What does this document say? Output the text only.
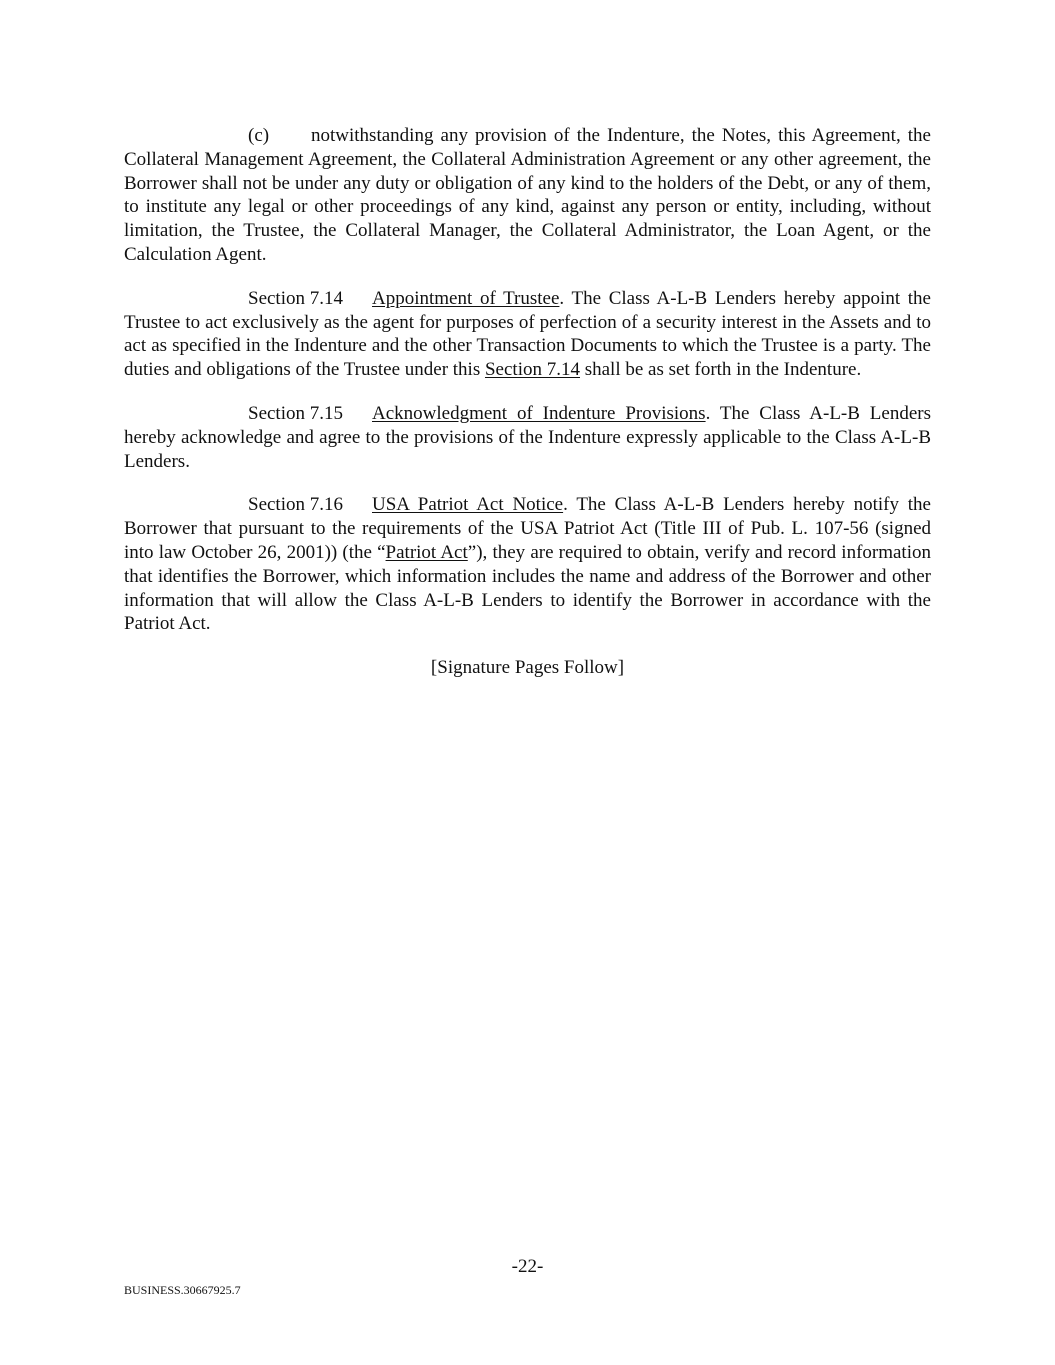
(c) notwithstanding any provision of the Indenture, the Notes, this Agreement, the Collateral Management Agreement, the Collateral Administration Agreement or any other agreement, the Borrower shall not be under any duty or obligation of any kind to the holders of the Debt, or any of them, to institute any legal or other proceedings of any kind, against any person or entity, including, without limitation, the Trustee, the Collateral Manager, the Collateral Administrator, the Loan Agent, or the Calculation Agent.

Section 7.14 Appointment of Trustee. The Class A-L-B Lenders hereby appoint the Trustee to act exclusively as the agent for purposes of perfection of a security interest in the Assets and to act as specified in the Indenture and the other Transaction Documents to which the Trustee is a party. The duties and obligations of the Trustee under this Section 7.14 shall be as set forth in the Indenture.

Section 7.15 Acknowledgment of Indenture Provisions. The Class A-L-B Lenders hereby acknowledge and agree to the provisions of the Indenture expressly applicable to the Class A-L-B Lenders.

Section 7.16 USA Patriot Act Notice. The Class A-L-B Lenders hereby notify the Borrower that pursuant to the requirements of the USA Patriot Act (Title III of Pub. L. 107-56 (signed into law October 26, 2001)) (the “Patriot Act”), they are required to obtain, verify and record information that identifies the Borrower, which information includes the name and address of the Borrower and other information that will allow the Class A-L-B Lenders to identify the Borrower in accordance with the Patriot Act.

[Signature Pages Follow]

-22-
BUSINESS.30667925.7
